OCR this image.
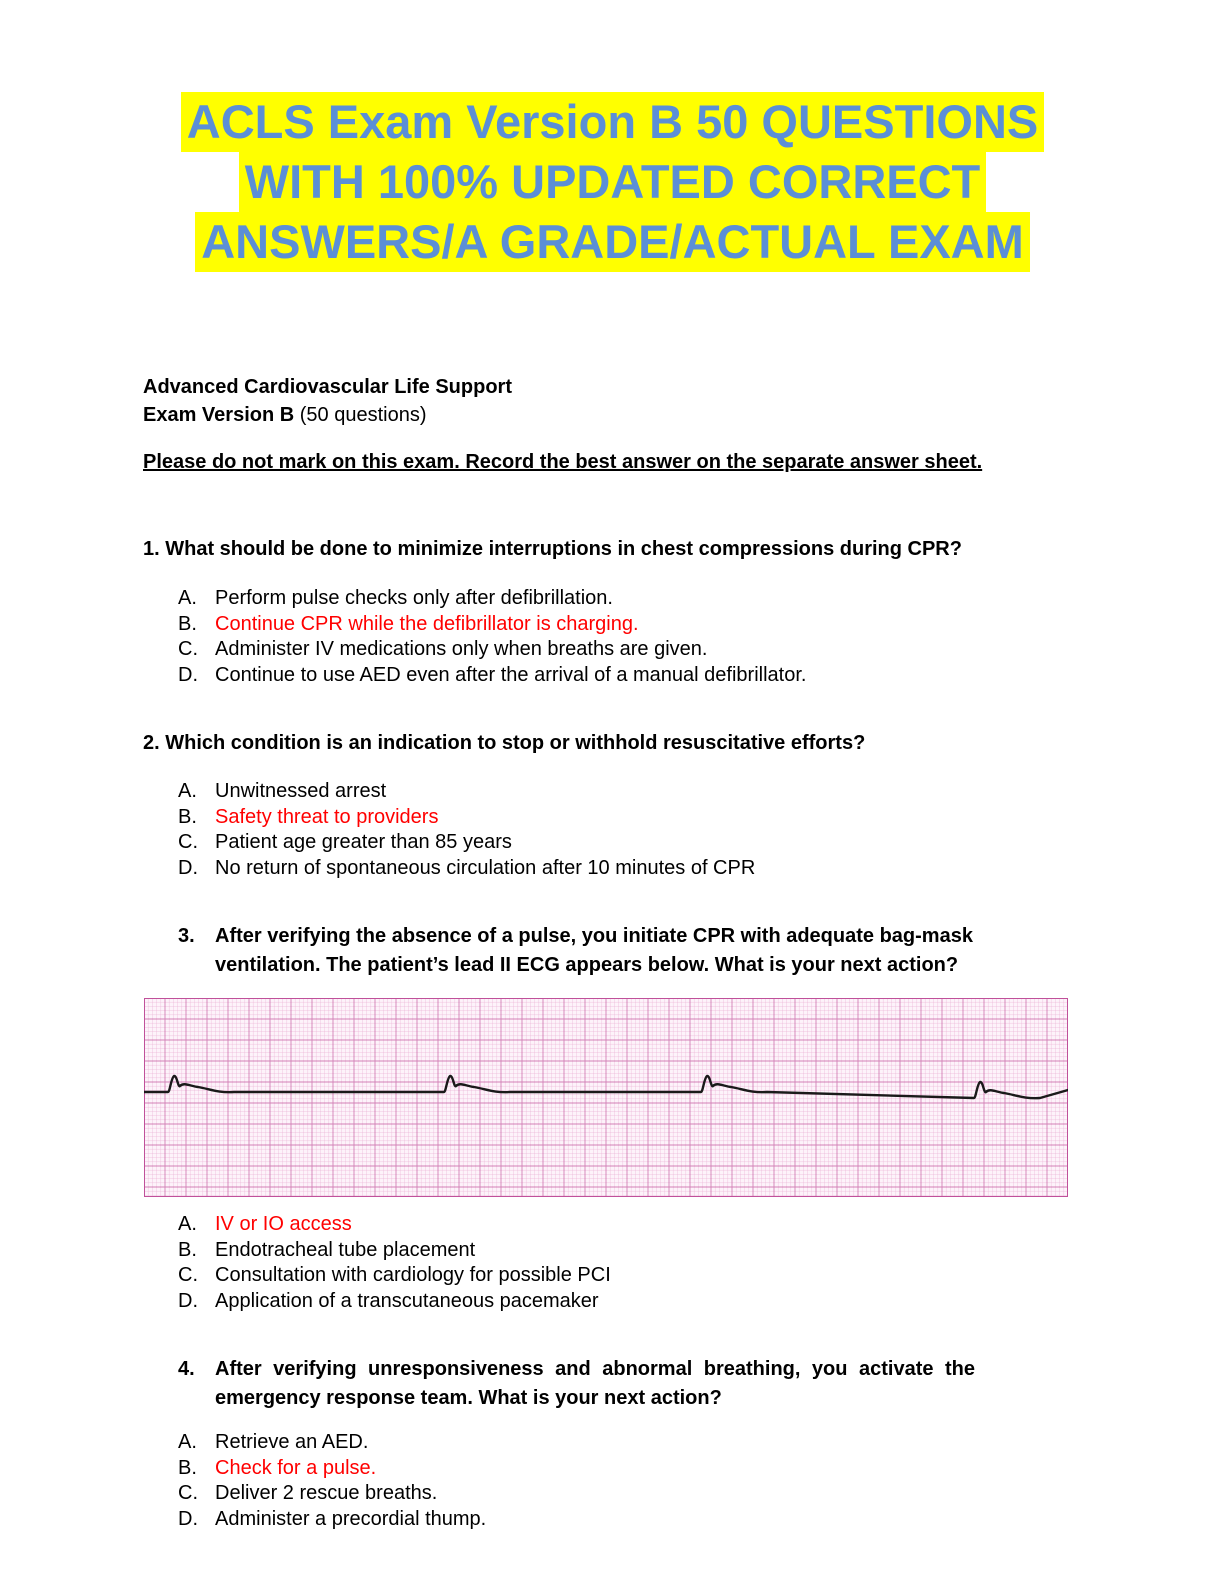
ACLS Exam Version B 50 QUESTIONS
WITH 100% UPDATED CORRECT
ANSWERS/A GRADE/ACTUAL EXAM
Advanced Cardiovascular Life Support
Exam Version B (50 questions)
Please do not mark on this exam. Record the best answer on the separate answer sheet.
1. What should be done to minimize interruptions in chest compressions during CPR?
A. Perform pulse checks only after defibrillation.
B. Continue CPR while the defibrillator is charging.
C. Administer IV medications only when breaths are given.
D. Continue to use AED even after the arrival of a manual defibrillator.
2. Which condition is an indication to stop or withhold resuscitative efforts?
A. Unwitnessed arrest
B. Safety threat to providers
C. Patient age greater than 85 years
D. No return of spontaneous circulation after 10 minutes of CPR
3. After verifying the absence of a pulse, you initiate CPR with adequate bag-mask ventilation. The patient’s lead II ECG appears below. What is your next action?
A. IV or IO access
B. Endotracheal tube placement
C. Consultation with cardiology for possible PCI
D. Application of a transcutaneous pacemaker
4. After verifying unresponsiveness and abnormal breathing, you activate the emergency response team. What is your next action?
A. Retrieve an AED.
B. Check for a pulse.
C. Deliver 2 rescue breaths.
D. Administer a precordial thump.
